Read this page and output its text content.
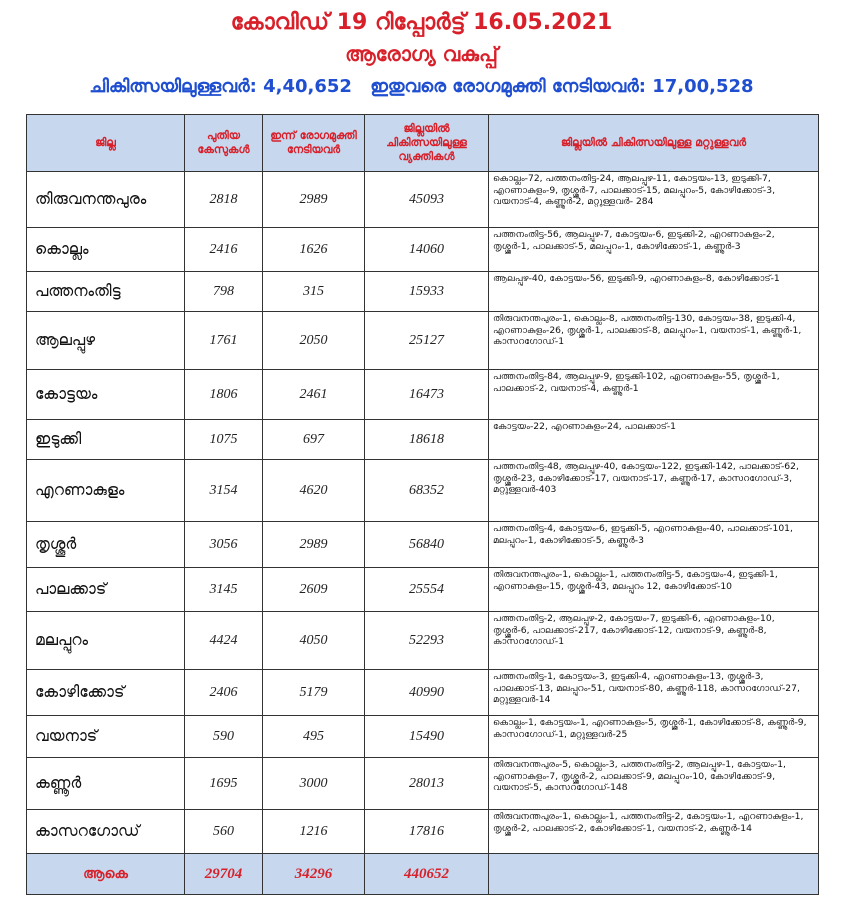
കോവിഡ് 19 റിപ്പോർട്ട് 16.05.2021
ആരോഗ്യ വകുപ്പ്
ചികിത്സയിലുള്ളവർ: 4,40,652 ഇതുവരെ രോഗമുക്തി നേടിയവർ: 17,00,528
ജില്ല	പുതിയ കേസുകൾ	ഇന്ന് രോഗമുക്തി നേടിയവർ	ജില്ലയിൽ ചികിത്സയിലുള്ള വ്യക്തികൾ	ജില്ലയിൽ ചികിത്സയിലുള്ള മറ്റുള്ളവർ
തിരുവനന്തപുരം	2818	2989	45093	കൊല്ലം-72, പത്തനംതിട്ട-24, ആലപ്പുഴ-11, കോട്ടയം-13, ഇടുക്കി-7, എറണാകുളം-9, തൃശ്ശൂർ-7, പാലക്കാട്-15, മലപ്പുറം-5, കോഴിക്കോട്-3, വയനാട്-4, കണ്ണൂർ-2, മറ്റുള്ളവർ- 284
കൊല്ലം	2416	1626	14060	പത്തനംതിട്ട-56, ആലപ്പുഴ-7, കോട്ടയം-6, ഇടുക്കി-2, എറണാകുളം-2, തൃശ്ശൂർ-1, പാലക്കാട്-5, മലപ്പുറം-1, കോഴിക്കോട്-1, കണ്ണൂർ-3
പത്തനംതിട്ട	798	315	15933	ആലപ്പുഴ-40, കോട്ടയം-56, ഇടുക്കി-9, എറണാകുളം-8, കോഴിക്കോട്-1
ആലപ്പുഴ	1761	2050	25127	തിരുവനന്തപുരം-1, കൊല്ലം-8, പത്തനംതിട്ട-130, കോട്ടയം-38, ഇടുക്കി-4, എറണാകുളം-26, തൃശ്ശൂർ-1, പാലക്കാട്-8, മലപ്പുറം-1, വയനാട്-1, കണ്ണൂർ-1, കാസറഗോഡ്-1
കോട്ടയം	1806	2461	16473	പത്തനംതിട്ട-84, ആലപ്പുഴ-9, ഇടുക്കി-102, എറണാകുളം-55, തൃശ്ശൂർ-1, പാലക്കാട്-2, വയനാട്-4, കണ്ണൂർ-1
ഇടുക്കി	1075	697	18618	കോട്ടയം-22, എറണാകുളം-24, പാലക്കാട്-1
എറണാകുളം	3154	4620	68352	പത്തനംതിട്ട-48, ആലപ്പുഴ-40, കോട്ടയം-122, ഇടുക്കി-142, പാലക്കാട്-62, തൃശ്ശൂർ-23, കോഴിക്കോട്-17, വയനാട്-17, കണ്ണൂർ-17, കാസറഗോഡ്-3, മറ്റുള്ളവർ-403
തൃശ്ശൂർ	3056	2989	56840	പത്തനംതിട്ട-4, കോട്ടയം-6, ഇടുക്കി-5, എറണാകുളം-40, പാലക്കാട്-101, മലപ്പുറം-1, കോഴിക്കോട്-5, കണ്ണൂർ-3
പാലക്കാട്	3145	2609	25554	തിരുവനന്തപുരം-1, കൊല്ലം-1, പത്തനംതിട്ട-5, കോട്ടയം-4, ഇടുക്കി-1, എറണാകുളം-15, തൃശ്ശൂർ-43, മലപ്പുറം 12, കോഴിക്കോട്-10
മലപ്പുറം	4424	4050	52293	പത്തനംതിട്ട-2, ആലപ്പുഴ-2, കോട്ടയം-7, ഇടുക്കി-6, എറണാകുളം-10, തൃശ്ശൂർ-6, പാലക്കാട്-217, കോഴിക്കോട്-12, വയനാട്-9, കണ്ണൂർ-8, കാസറഗോഡ്-1
കോഴിക്കോട്	2406	5179	40990	പത്തനംതിട്ട-1, കോട്ടയം-3, ഇടുക്കി-4, എറണാകുളം-13, തൃശ്ശൂർ-3, പാലക്കാട്-13, മലപ്പുറം-51, വയനാട്-80, കണ്ണൂർ-118, കാസറഗോഡ്-27, മറ്റുള്ളവർ-14
വയനാട്	590	495	15490	കൊല്ലം-1, കോട്ടയം-1, എറണാകുളം-5, തൃശ്ശൂർ-1, കോഴിക്കോട്-8, കണ്ണൂർ-9, കാസറഗോഡ്-1, മറ്റുള്ളവർ-25
കണ്ണൂർ	1695	3000	28013	തിരുവനന്തപുരം-5, കൊല്ലം-3, പത്തനംതിട്ട-2, ആലപ്പുഴ-1, കോട്ടയം-1, എറണാകുളം-7, തൃശ്ശൂർ-2, പാലക്കാട്-9, മലപ്പുറം-10, കോഴിക്കോട്-9, വയനാട്-5, കാസറഗോഡ്-148
കാസറഗോഡ്	560	1216	17816	തിരുവനന്തപുരം-1, കൊല്ലം-1, പത്തനംതിട്ട-2, കോട്ടയം-1, എറണാകുളം-1, തൃശ്ശൂർ-2, പാലക്കാട്-2, കോഴിക്കോട്-1, വയനാട്-2, കണ്ണൂർ-14
ആകെ	29704	34296	440652	
